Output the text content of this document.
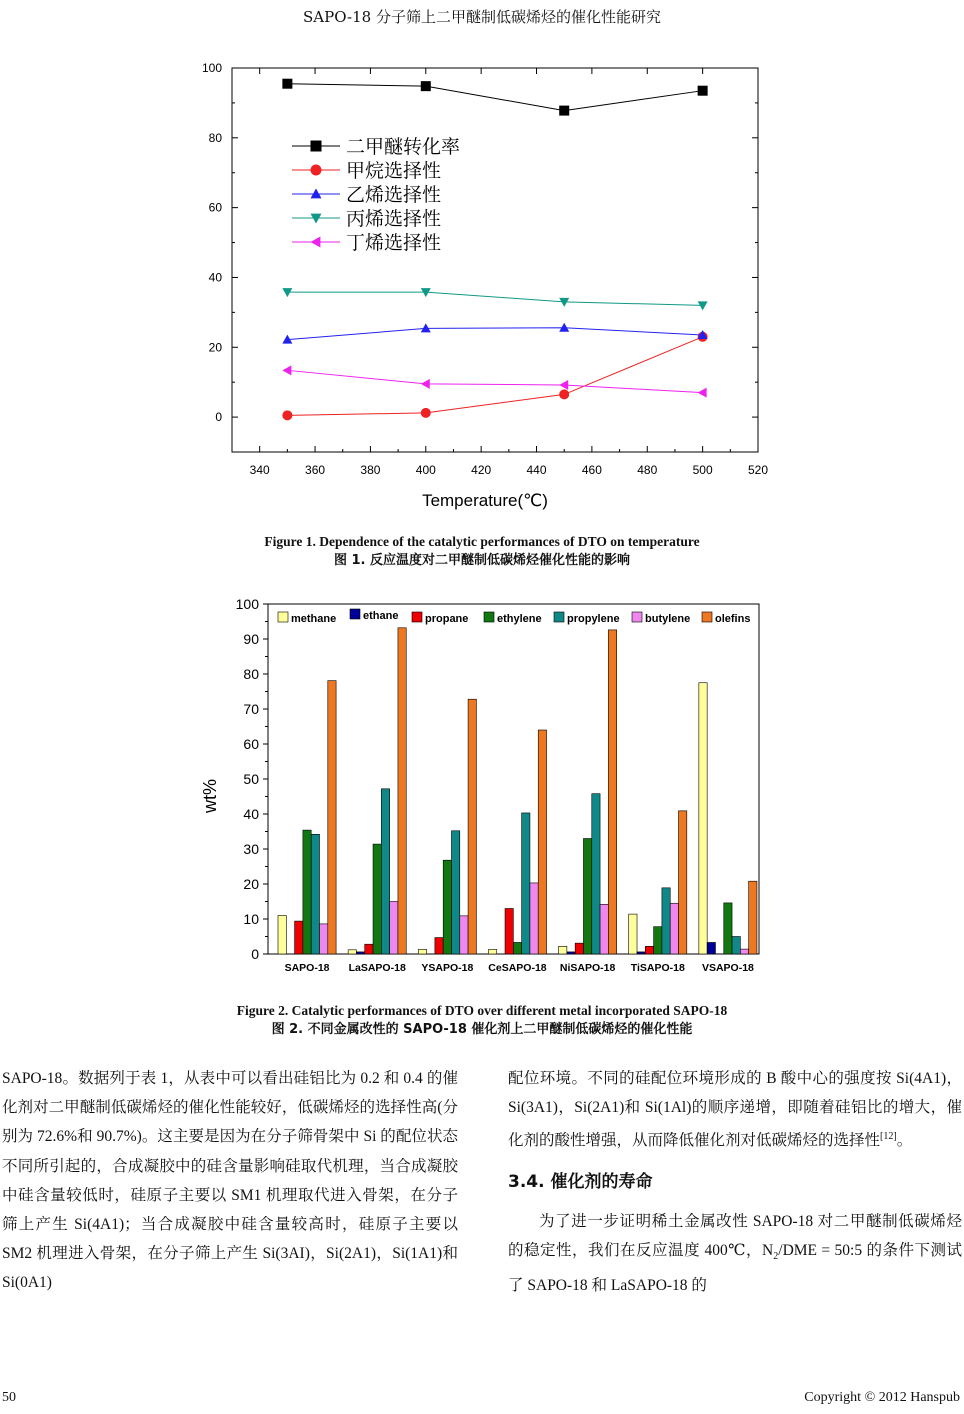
SAPO-18 分子筛上二甲醚制低碳烯烃的催化性能研究
0
20
40
60
80
100
340	360	380	400	420	440	460	480	500	520
Temperature(℃)
二甲醚转化率
甲烷选择性
乙烯选择性
丙烯选择性
丁烯选择性
Figure 1. Dependence of the catalytic performances of DTO on temperature
图 1. 反应温度对二甲醚制低碳烯烃催化性能的影响
0
10
20
30
40
50
60
70
80
90
100
wt%
SAPO-18 LaSAPO-18 YSAPO-18 CeSAPO-18 NiSAPO-18 TiSAPO-18 VSAPO-18
methane ethane propane	ethylene propylene butylene olefins
Figure 2. Catalytic performances of DTO over different metal incorporated SAPO-18
图 2. 不同金属改性的 SAPO-18 催化剂上二甲醚制低碳烯烃的催化性能

SAPO-18。数据列于表 1，从表中可以看出硅铝比为 0.2 和 0.4 的催化剂对二甲醚制低碳烯烃的催化性能较好，低碳烯烃的选择性高(分别为 72.6%和 90.7%)。这主要是因为在分子筛骨架中 Si 的配位状态不同所引起的，合成凝胶中的硅含量影响硅取代机理，当合成凝胶中硅含量较低时，硅原子主要以 SM1 机理取代进入骨架，在分子筛上产生 Si(4A1)；当合成凝胶中硅含量较高时，硅原子主要以 SM2 机理进入骨架，在分子筛上产生 Si(3AI)，Si(2A1)，Si(1A1)和 Si(0A1)

配位环境。不同的硅配位环境形成的 B 酸中心的强度按 Si(4A1)，Si(3A1)，Si(2A1)和 Si(1Al)的顺序递增，即随着硅铝比的增大，催化剂的酸性增强，从而降低催化剂对低碳烯烃的选择性[12]。

3.4. 催化剂的寿命

为了进一步证明稀土金属改性 SAPO-18 对二甲醚制低碳烯烃的稳定性，我们在反应温度 400℃，$N_2$/DME = 50:5 的条件下测试了 SAPO-18 和 LaSAPO-18 的

50	Copyright © 2012 Hanspub
